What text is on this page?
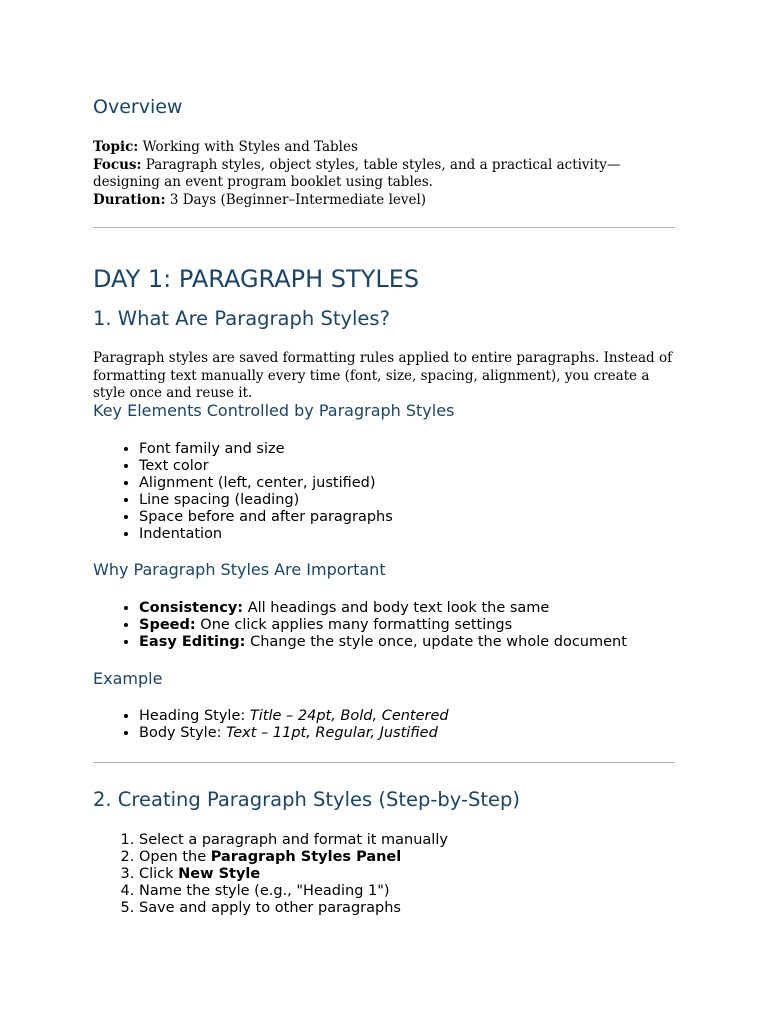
Overview
Topic: Working with Styles and Tables
Focus: Paragraph styles, object styles, table styles, and a practical activity—designing an event program booklet using tables.
Duration: 3 Days (Beginner–Intermediate level)
DAY 1: PARAGRAPH STYLES
1. What Are Paragraph Styles?

Paragraph styles are saved formatting rules applied to entire paragraphs. Instead of formatting text manually every time (font, size, spacing, alignment), you create a style once and reuse it.

Key Elements Controlled by Paragraph Styles
• Font family and size
• Text color
• Alignment (left, center, justified)
• Line spacing (leading)
• Space before and after paragraphs
• Indentation
Why Paragraph Styles Are Important
• Consistency: All headings and body text look the same
• Speed: One click applies many formatting settings
• Easy Editing: Change the style once, update the whole document
Example
• Heading Style: Title – 24pt, Bold, Centered
• Body Style: Text – 11pt, Regular, Justified
2. Creating Paragraph Styles (Step-by-Step)
1. Select a paragraph and format it manually
2. Open the Paragraph Styles Panel
3. Click New Style
4. Name the style (e.g., "Heading 1")
5. Save and apply to other paragraphs
